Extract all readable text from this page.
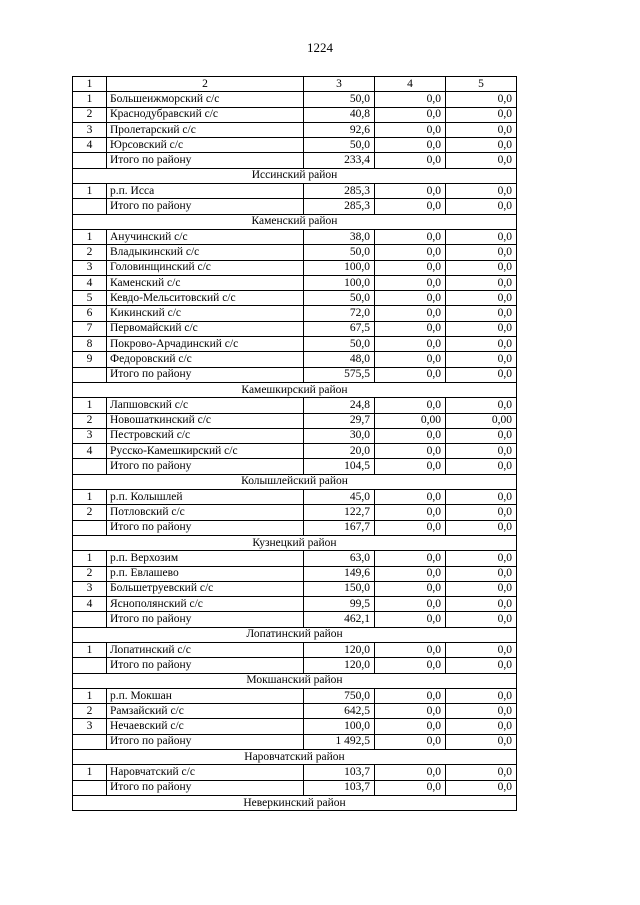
1224
1	2	3	4	5
1	Большеижморский с/с	50,0	0,0	0,0
2	Краснодубравский с/с	40,8	0,0	0,0
3	Пролетарский с/с	92,6	0,0	0,0
4	Юрсовский с/с	50,0	0,0	0,0
	Итого по району	233,4	0,0	0,0
Иссинский район				
1	р.п. Исса	285,3	0,0	0,0
	Итого по району	285,3	0,0	0,0
Каменский район				
1	Анучинский с/с	38,0	0,0	0,0
2	Владыкинский с/с	50,0	0,0	0,0
3	Головинщинский с/с	100,0	0,0	0,0
4	Каменский с/с	100,0	0,0	0,0
5	Кевдо-Мельситовский с/с	50,0	0,0	0,0
6	Кикинский с/с	72,0	0,0	0,0
7	Первомайский с/с	67,5	0,0	0,0
8	Покрово-Арчадинский с/с	50,0	0,0	0,0
9	Федоровский с/с	48,0	0,0	0,0
	Итого по району	575,5	0,0	0,0
Камешкирский район				
1	Лапшовский с/с	24,8	0,0	0,0
2	Новошаткинский с/с	29,7	0,00	0,00
3	Пестровский с/с	30,0	0,0	0,0
4	Русско-Камешкирский с/с	20,0	0,0	0,0
	Итого по району	104,5	0,0	0,0
Колышлейский район				
1	р.п. Колышлей	45,0	0,0	0,0
2	Потловский с/с	122,7	0,0	0,0
	Итого по району	167,7	0,0	0,0
Кузнецкий район				
1	р.п. Верхозим	63,0	0,0	0,0
2	р.п. Евлашево	149,6	0,0	0,0
3	Большетруевский с/с	150,0	0,0	0,0
4	Яснополянский с/с	99,5	0,0	0,0
	Итого по району	462,1	0,0	0,0
Лопатинский район				
1	Лопатинский с/с	120,0	0,0	0,0
	Итого по району	120,0	0,0	0,0
Мокшанский район				
1	р.п. Мокшан	750,0	0,0	0,0
2	Рамзайский с/с	642,5	0,0	0,0
3	Нечаевский с/с	100,0	0,0	0,0
	Итого по району	1 492,5	0,0	0,0
Наровчатский район				
1	Наровчатский с/с	103,7	0,0	0,0
	Итого по району	103,7	0,0	0,0
Неверкинский район				
